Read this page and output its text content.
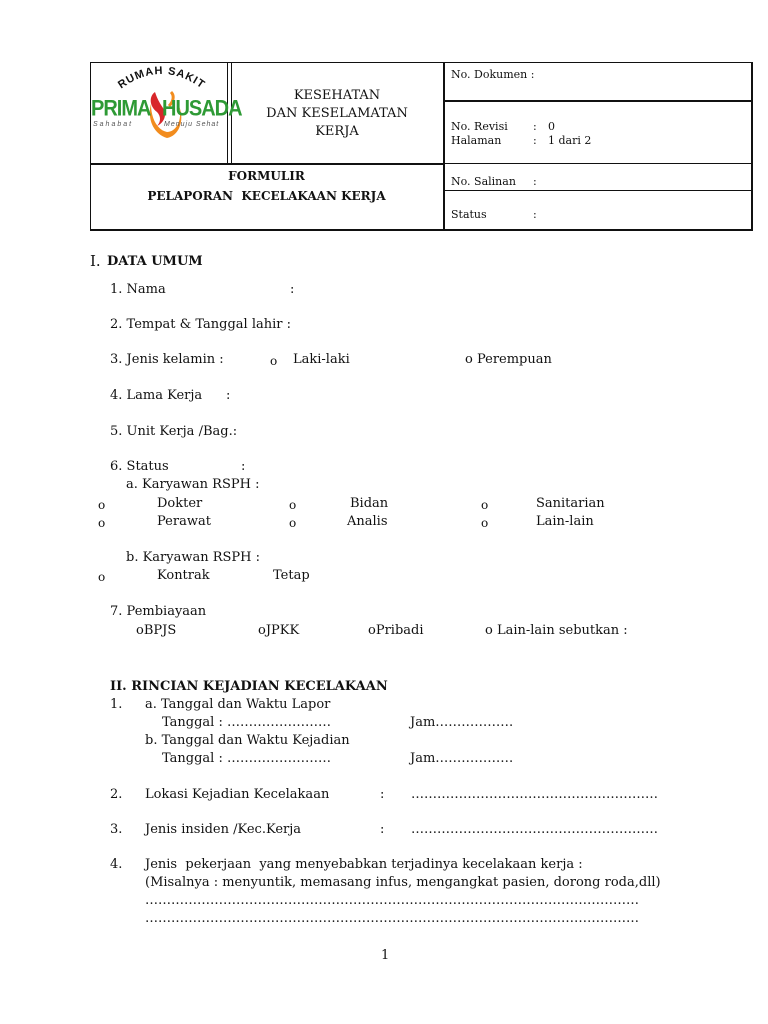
RUMAH SAKIT
PRIMA HUSADA
Sahabat	Menuju Sehat
KESEHATAN
DAN KESELAMATAN
KERJA
No. Dokumen :
No. Revisi : 0
Halaman	: 1 dari 2
FORMULIR
PELAPORAN  KECELAKAAN KERJA
No. Salinan :
Status	:
I. DATA UMUM
1. Nama	:
2. Tempat & Tanggal lahir :
3. Jenis kelamin :	o Laki-laki	o Perempuan
4. Lama Kerja :
5. Unit Kerja /Bag.:
6. Status	:
a. Karyawan RSPH :
o	Dokter	o	Bidan	o	Sanitarian
o	Perawat	o	Analis	o	Lain-lain
b. Karyawan RSPH :
o	Kontrak	Tetap
7. Pembiayaan
oBPJS	oJPKK	oPribadi	o Lain-lain sebutkan :
II. RINCIAN KEJADIAN KECELAKAAN
1. a. Tanggal dan Waktu Lapor
Tanggal : ……………………	Jam………………
b. Tanggal dan Waktu Kejadian
Tanggal : ……………………	Jam………………
2. Lokasi Kejadian Kecelakaan	: …………………………………………………
3. Jenis insiden /Kec.Kerja	: …………………………………………………
4. Jenis  pekerjaan  yang menyebabkan terjadinya kecelakaan kerja :
(Misalnya : menyuntik, memasang infus, mengangkat pasien, dorong roda,dll)
……………………………………………………………………………………………………
……………………………………………………………………………………………………
1
